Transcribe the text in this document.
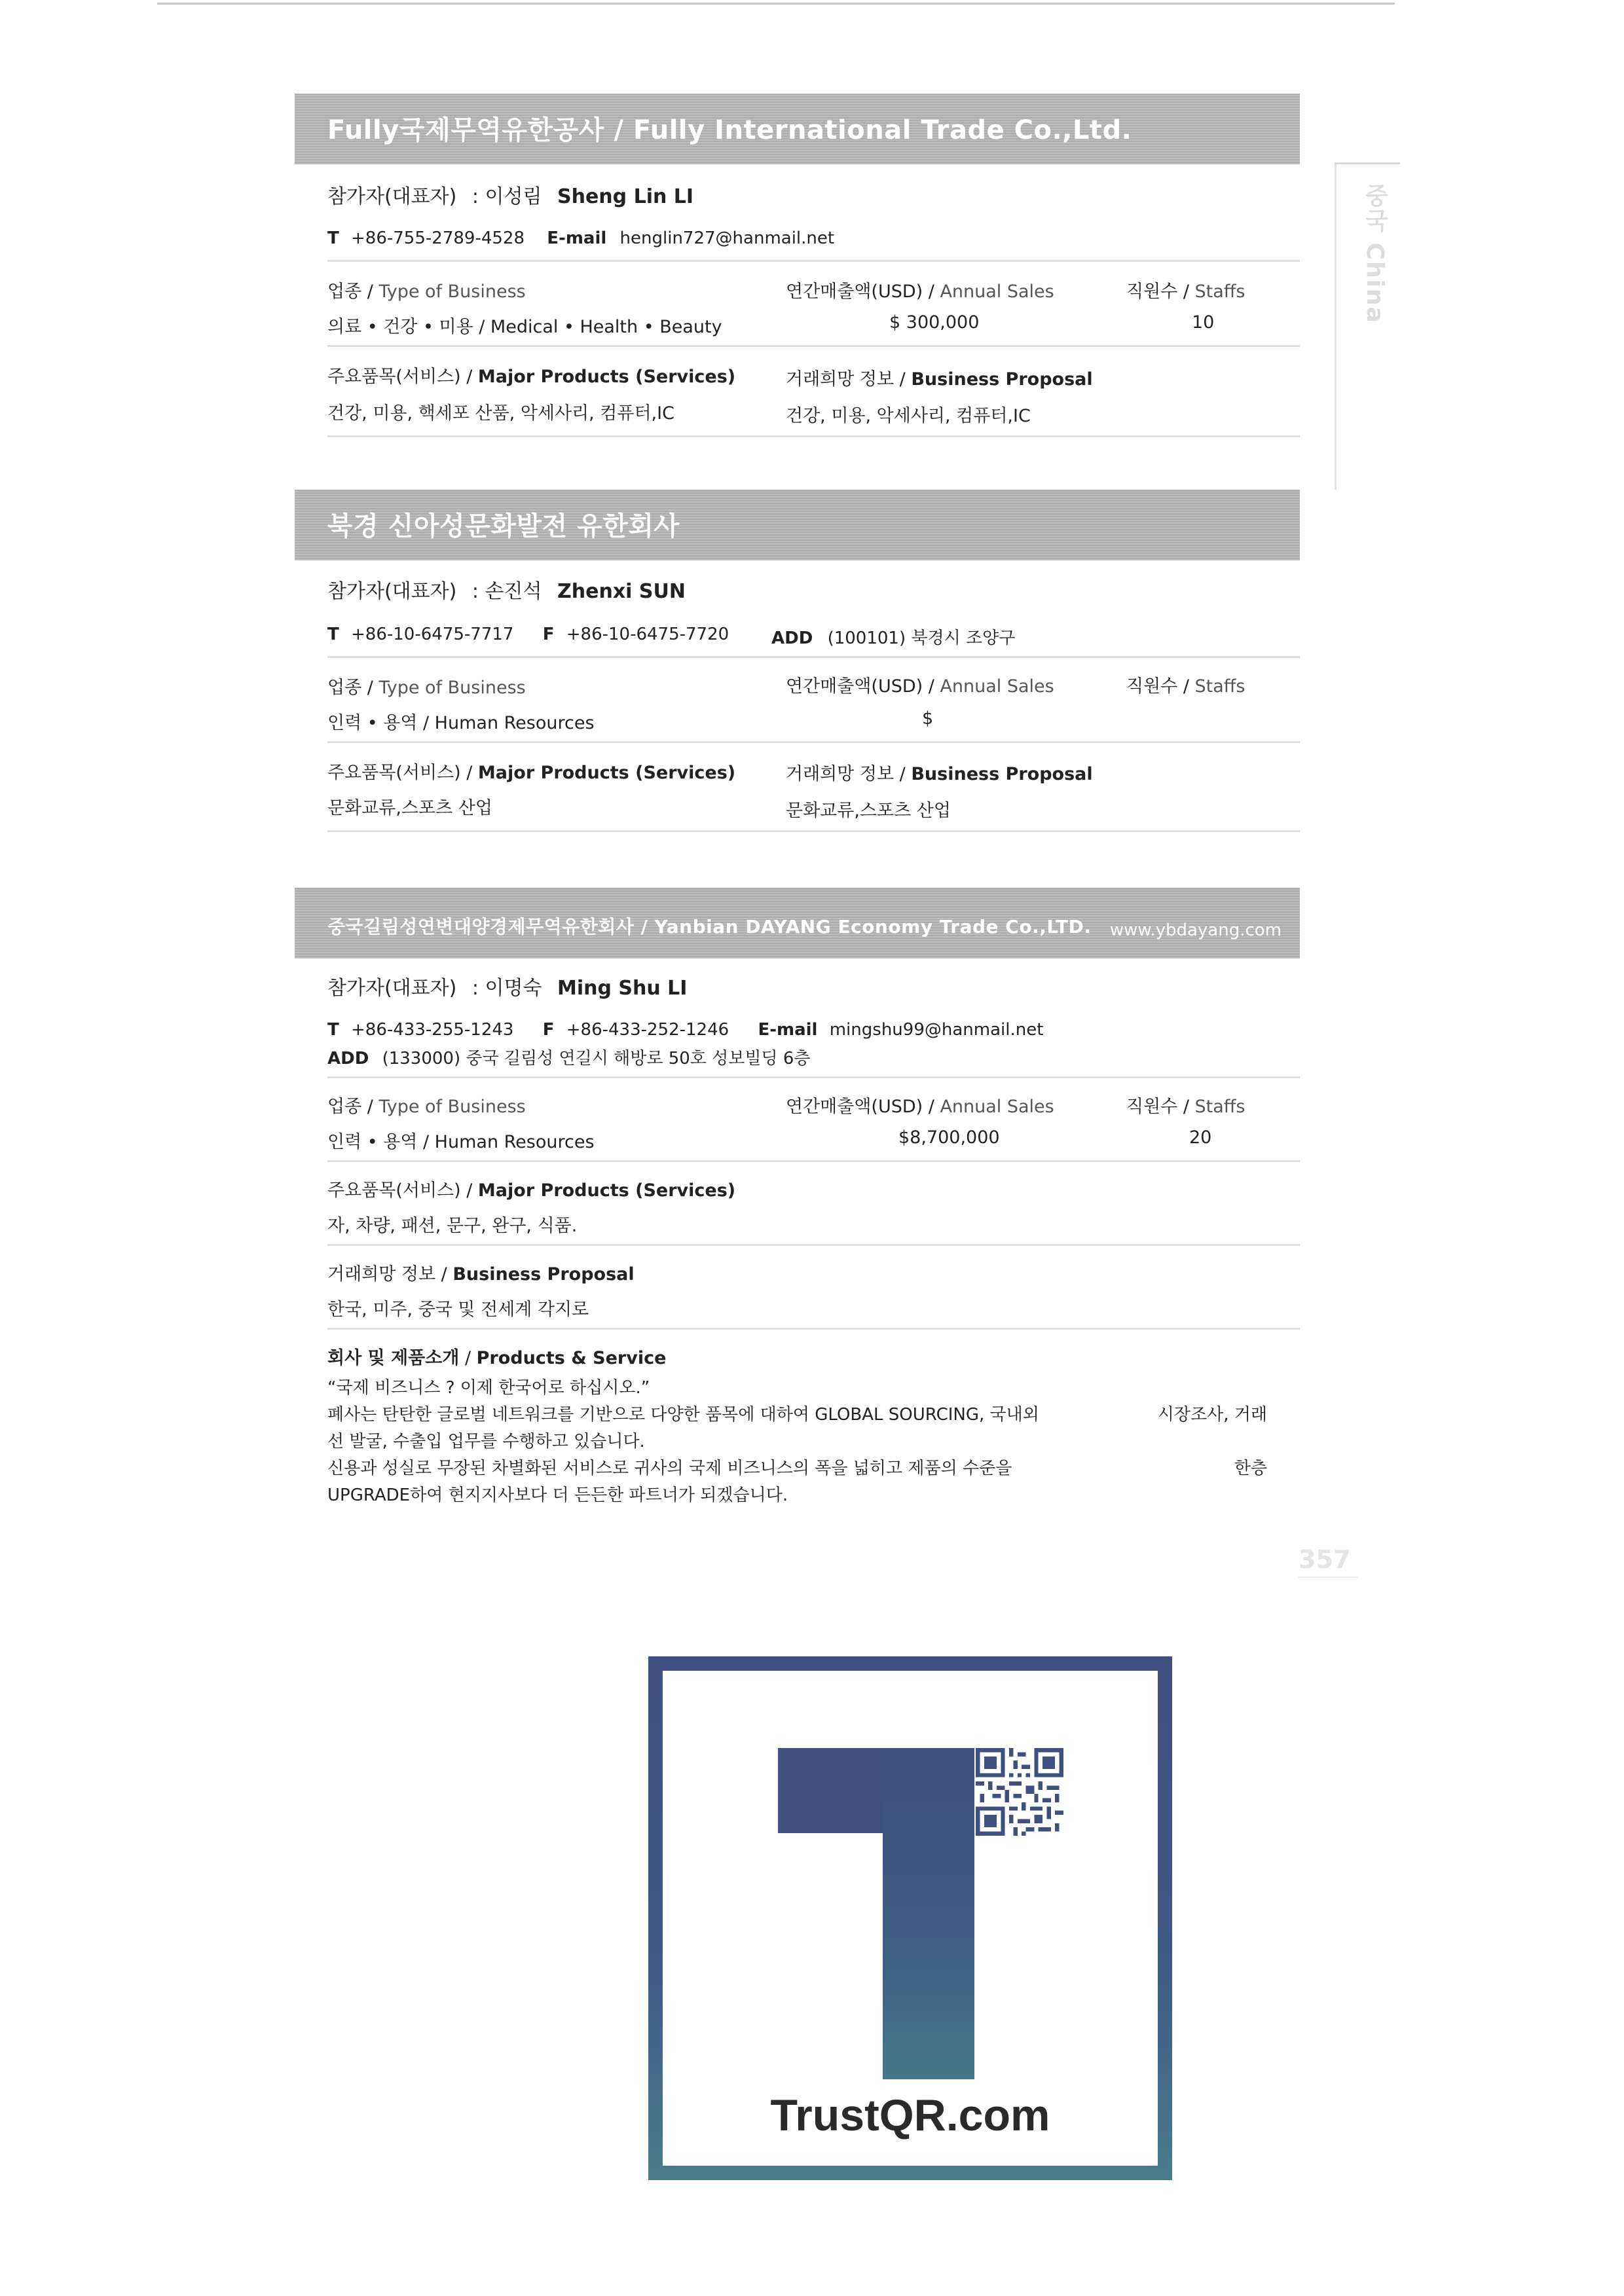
중국 China
Fully국제무역유한공사 / Fully International Trade Co.,Ltd.
참가자(대표자) : 이성림 Sheng Lin LI
T +86-755-2789-4528 E-mail henglin727@hanmail.net
업종 / Type of Business	연간매출액(USD) / Annual Sales	직원수 / Staffs
의료 • 건강 • 미용 / Medical • Health • Beauty	$ 300,000	10
주요품목(서비스) / Major Products (Services)	거래희망 정보 / Business Proposal
건강, 미용, 핵세포 산품, 악세사리, 컴퓨터,IC	건강, 미용, 악세사리, 컴퓨터,IC
북경 신아성문화발전 유한회사
참가자(대표자) : 손진석 Zhenxi SUN
T +86-10-6475-7717 F +86-10-6475-7720 ADD (100101) 북경시 조양구
업종 / Type of Business	연간매출액(USD) / Annual Sales	직원수 / Staffs
인력 • 용역 / Human Resources	$
주요품목(서비스) / Major Products (Services)	거래희망 정보 / Business Proposal
문화교류,스포츠 산업	문화교류,스포츠 산업
중국길림성연변대양경제무역유한회사 / Yanbian DAYANG Economy Trade Co.,LTD. www.ybdayang.com
참가자(대표자) : 이명숙 Ming Shu LI
T +86-433-255-1243 F +86-433-252-1246 E-mail mingshu99@hanmail.net
ADD (133000) 중국 길림성 연길시 해방로 50호 성보빌딩 6층
업종 / Type of Business	연간매출액(USD) / Annual Sales	직원수 / Staffs
인력 • 용역 / Human Resources	$8,700,000	20
주요품목(서비스) / Major Products (Services)
자, 차량, 패션, 문구, 완구, 식품.
거래희망 정보 / Business Proposal
한국, 미주, 중국 및 전세계 각지로
회사 및 제품소개 / Products & Service

“국제 비즈니스 ? 이제 한국어로 하십시오.”

폐사는 탄탄한 글로벌 네트워크를 기반으로 다양한 품목에 대하여 GLOBAL SOURCING, 국내외	시장조사, 거래

선 발굴, 수출입 업무를 수행하고 있습니다.

신용과 성실로 무장된 차별화된 서비스로 귀사의 국제 비즈니스의 폭을 넓히고 제품의 수준을	한층

UPGRADE하여 현지지사보다 더 든든한 파트너가 되겠습니다.

357
TrustQR.com
